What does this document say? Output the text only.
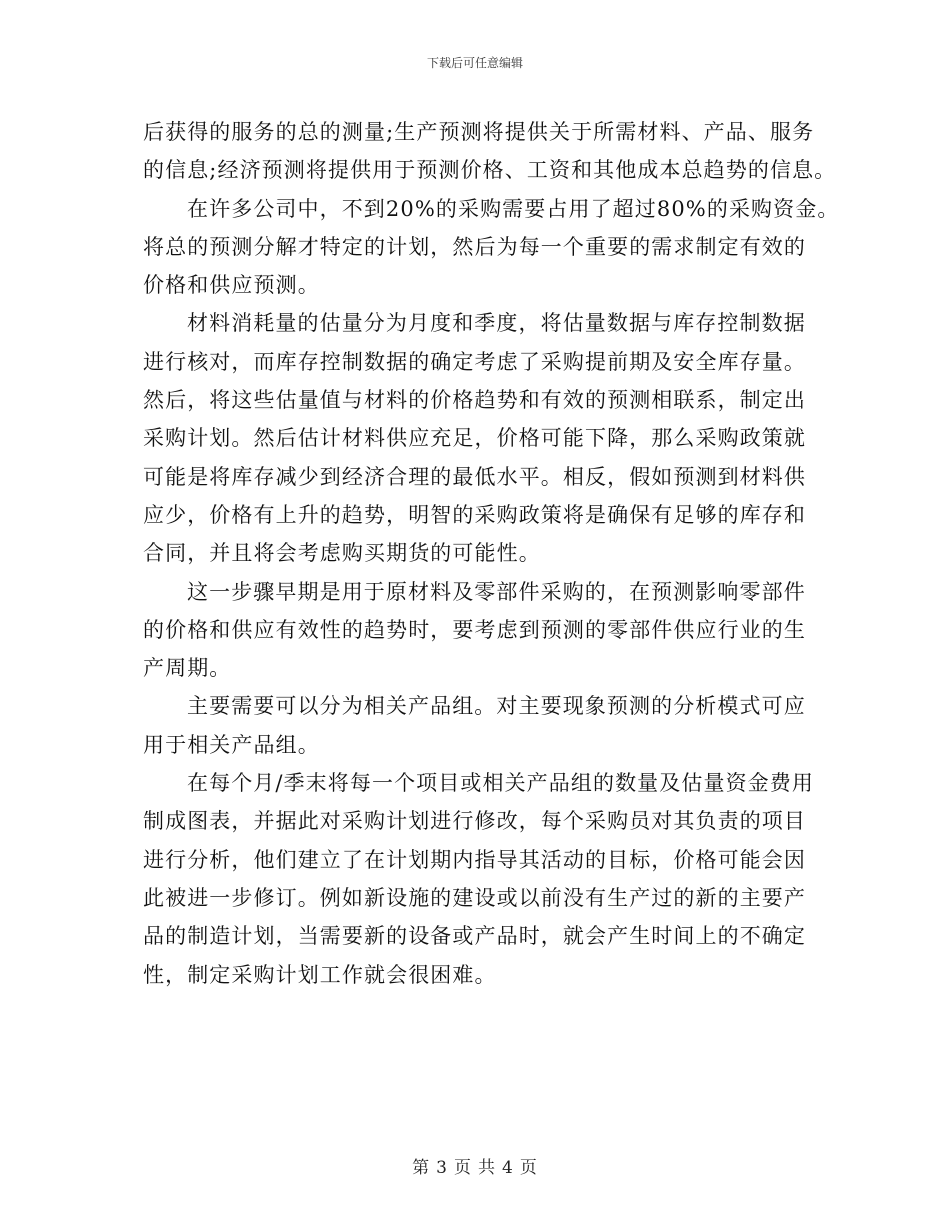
下载后可任意编辑
后获得的服务的总的测量;生产预测将提供关于所需材料、产品、服务
的信息;经济预测将提供用于预测价格、工资和其他成本总趋势的信息。
在许多公司中，不到20%的采购需要占用了超过80%的采购资金。
将总的预测分解才特定的计划，然后为每一个重要的需求制定有效的
价格和供应预测。
材料消耗量的估量分为月度和季度，将估量数据与库存控制数据
进行核对，而库存控制数据的确定考虑了采购提前期及安全库存量。
然后，将这些估量值与材料的价格趋势和有效的预测相联系，制定出
采购计划。然后估计材料供应充足，价格可能下降，那么采购政策就
可能是将库存减少到经济合理的最低水平。相反，假如预测到材料供
应少，价格有上升的趋势，明智的采购政策将是确保有足够的库存和
合同，并且将会考虑购买期货的可能性。
这一步骤早期是用于原材料及零部件采购的，在预测影响零部件
的价格和供应有效性的趋势时，要考虑到预测的零部件供应行业的生
产周期。
主要需要可以分为相关产品组。对主要现象预测的分析模式可应
用于相关产品组。
在每个月/季末将每一个项目或相关产品组的数量及估量资金费用
制成图表，并据此对采购计划进行修改，每个采购员对其负责的项目
进行分析，他们建立了在计划期内指导其活动的目标，价格可能会因
此被进一步修订。例如新设施的建设或以前没有生产过的新的主要产
品的制造计划，当需要新的设备或产品时，就会产生时间上的不确定
性，制定采购计划工作就会很困难。
第 3 页 共 4 页
